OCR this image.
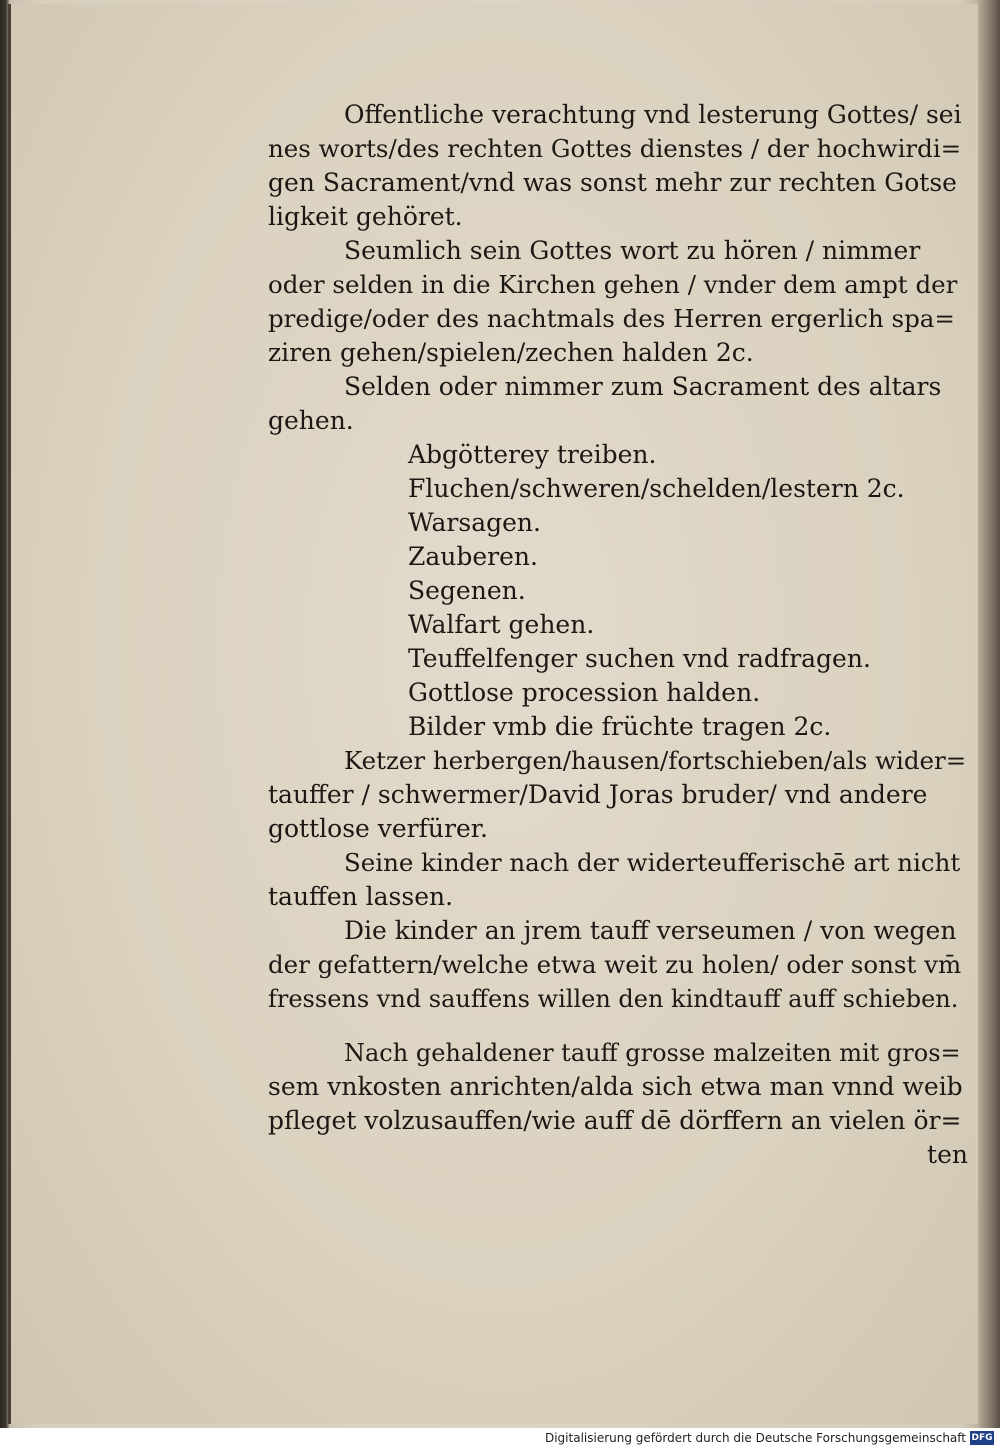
Offentliche verachtung vnd lesterung Gottes/ sei
nes worts/des rechten Gottes dienstes / der hochwirdi=
gen Sacrament/vnd was sonst mehr zur rechten Gotse
ligkeit gehöret.
Seumlich sein Gottes wort zu hören / nimmer
oder selden in die Kirchen gehen / vnder dem ampt der
predige/oder des nachtmals des Herren ergerlich spa=
ziren gehen/spielen/zechen halden 2c.
Selden oder nimmer zum Sacrament des altars
gehen.
Abgötterey treiben.
Fluchen/schweren/schelden/lestern 2c.
Warsagen.
Zauberen.
Segenen.
Walfart gehen.
Teuffelfenger suchen vnd radfragen.
Gottlose procession halden.
Bilder vmb die früchte tragen 2c.
Ketzer herbergen/hausen/fortschieben/als wider=
tauffer / schwermer/David Joras bruder/ vnd andere
gottlose verfürer.
Seine kinder nach der widerteufferischē art nicht
tauffen lassen.
Die kinder an jrem tauff verseumen / von wegen
der gefattern/welche etwa weit zu holen/ oder sonst vm̄
fressens vnd sauffens willen den kindtauff auff schieben.
Nach gehaldener tauff grosse malzeiten mit gros=
sem vnkosten anrichten/alda sich etwa man vnnd weib
pfleget volzusauffen/wie auff dē dörffern an vielen ör=
ten
Digitalisierung gefördert durch die Deutsche Forschungsgemeinschaft DFG
